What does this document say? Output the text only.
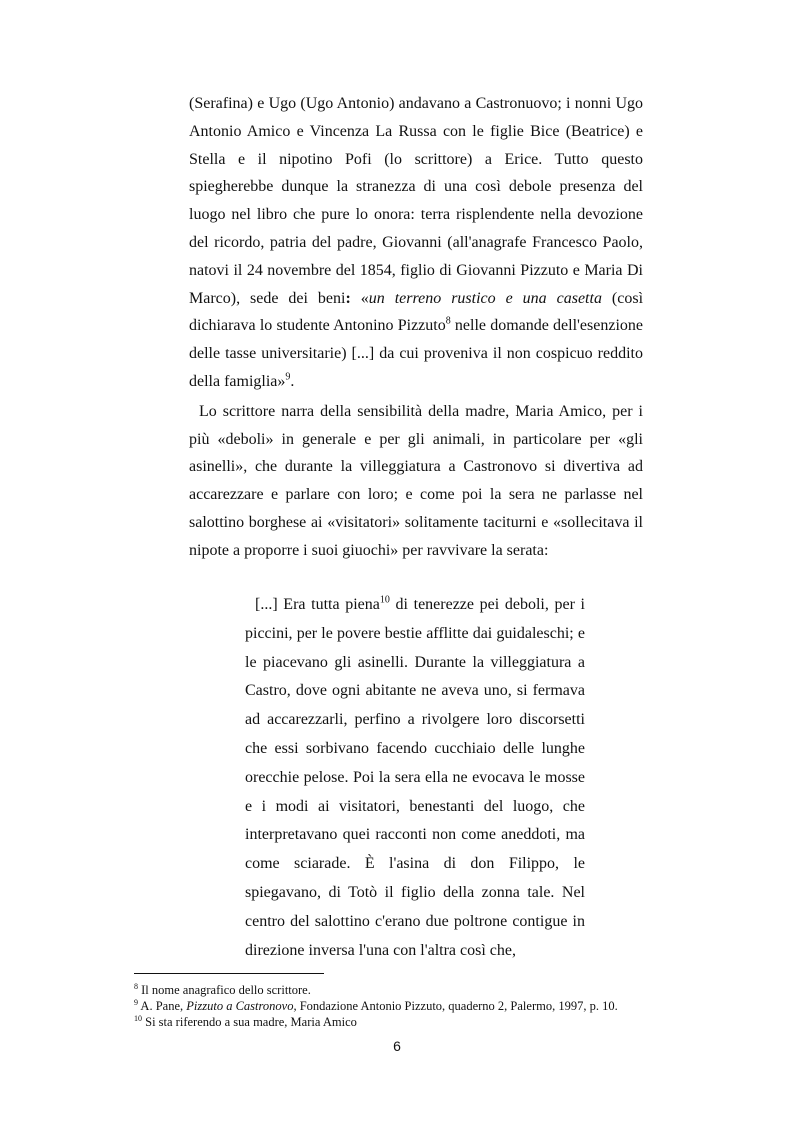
(Serafina) e Ugo (Ugo Antonio) andavano a Castronuovo; i nonni Ugo Antonio Amico e Vincenza La Russa con le figlie Bice (Beatrice) e Stella e il nipotino Pofi (lo scrittore) a Erice. Tutto questo spiegherebbe dunque la stranezza di una così debole presenza del luogo nel libro che pure lo onora: terra risplendente nella devozione del ricordo, patria del padre, Giovanni (all'anagrafe Francesco Paolo, natovi il 24 novembre del 1854, figlio di Giovanni Pizzuto e Maria Di Marco), sede dei beni: «un terreno rustico e una casetta (così dichiarava lo studente Antonino Pizzuto$^8$ nelle domande dell'esenzione delle tasse universitarie) [...] da cui proveniva il non cospicuo reddito della famiglia»$^9$.

Lo scrittore narra della sensibilità della madre, Maria Amico, per i più «deboli» in generale e per gli animali, in particolare per «gli asinelli», che durante la villeggiatura a Castronovo si divertiva ad accarezzare e parlare con loro; e come poi la sera ne parlasse nel salottino borghese ai «visitatori» solitamente taciturni e «sollecitava il nipote a proporre i suoi giuochi» per ravvivare la serata:

[...] Era tutta piena$^{10}$ di tenerezze pei deboli, per i piccini, per le povere bestie afflitte dai guidaleschi; e le piacevano gli asinelli. Durante la villeggiatura a Castro, dove ogni abitante ne aveva uno, si fermava ad accarezzarli, perfino a rivolgere loro discorsetti che essi sorbivano facendo cucchiaio delle lunghe orecchie pelose. Poi la sera ella ne evocava le mosse e i modi ai visitatori, benestanti del luogo, che interpretavano quei racconti non come aneddoti, ma come sciarade. È l'asina di don Filippo, le spiegavano, di Totò il figlio della zonna tale. Nel centro del salottino c'erano due poltrone contigue in direzione inversa l'una con l'altra così che,

$^8$ Il nome anagrafico dello scrittore.

$^9$ A. Pane, Pizzuto a Castronovo, Fondazione Antonio Pizzuto, quaderno 2, Palermo, 1997, p. 10.

$^{10}$ Si sta riferendo a sua madre, Maria Amico

6
